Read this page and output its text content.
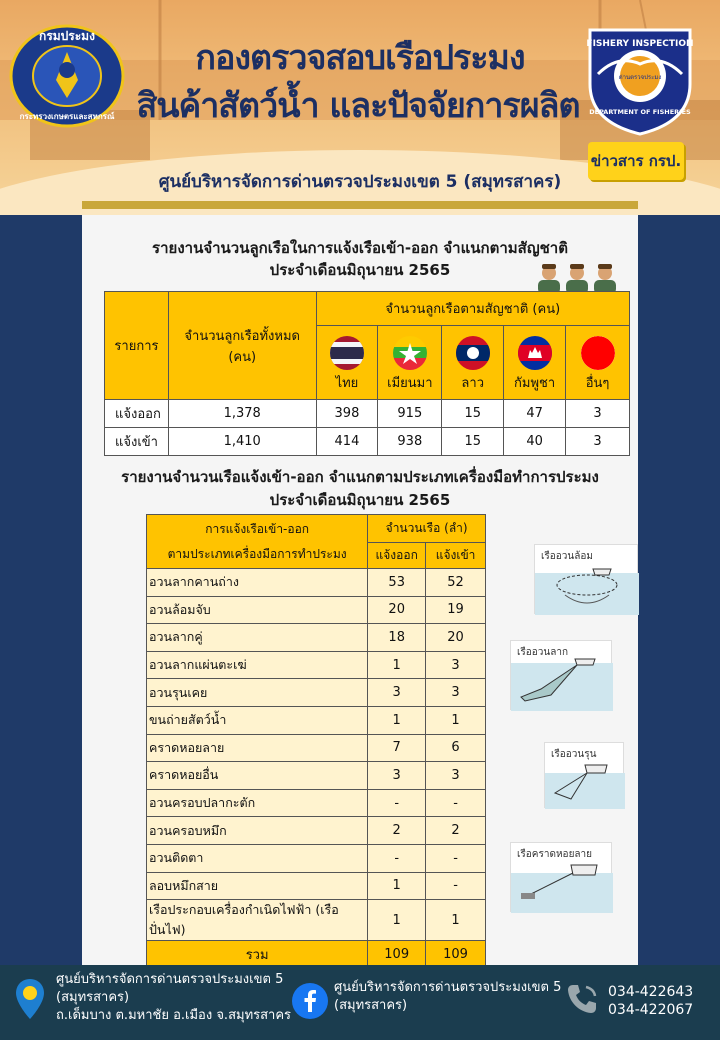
กรมประมง
กระทรวงเกษตรและสหกรณ์
กองตรวจสอบเรือประมง
สินค้าสัตว์น้ำ และปัจจัยการผลิต
FISHERY INSPECTION
ด่านตรวจประมง
DEPARTMENT OF FISHERIES
ข่าวสาร กรป.
ศูนย์บริหารจัดการด่านตรวจประมงเขต 5 (สมุทรสาคร)
รายงานจำนวนลูกเรือในการแจ้งเรือเข้า-ออก จำแนกตามสัญชาติ
ประจำเดือนมิถุนายน 2565
รายการ	จำนวนลูกเรือทั้งหมด (คน)	จำนวนลูกเรือตามสัญชาติ (คน)				

ไทย	เมียนมา	ลาว	กัมพูชา	อื่นๆ
แจ้งออก	1,378	398	915	15	47	3
แจ้งเข้า	1,410	414	938	15	40	3
รายงานจำนวนเรือแจ้งเข้า-ออก จำแนกตามประเภทเครื่องมือทำการประมง
ประจำเดือนมิถุนายน 2565
การแจ้งเรือเข้า-ออก
ตามประเภทเครื่องมือการทำประมง	จำนวนเรือ (ลำ)	
	แจ้งออก	แจ้งเข้า
อวนลากคานถ่าง	53	52
อวนล้อมจับ	20	19
อวนลากคู่	18	20
อวนลากแผ่นตะเฆ่	1	3
อวนรุนเคย	3	3
ขนถ่ายสัตว์น้ำ	1	1
คราดหอยลาย	7	6
คราดหอยอื่น	3	3
อวนครอบปลากะตัก	-	-
อวนครอบหมึก	2	2
อวนติดตา	-	-
ลอบหมึกสาย	1	-
เรือประกอบเครื่องกำเนิดไฟฟ้า (เรือปั่นไฟ)	1	1
รวม	109	109
เรืออวนล้อม
เรืออวนลาก
เรืออวนรุน
เรือคราดหอยลาย
ศูนย์บริหารจัดการด่านตรวจประมงเขต 5
(สมุทรสาคร)
ถ.เด็มบาง ต.มหาชัย อ.เมือง จ.สมุทรสาคร
ศูนย์บริหารจัดการด่านตรวจประมงเขต 5
(สมุทรสาคร)
034-422643
034-422067
